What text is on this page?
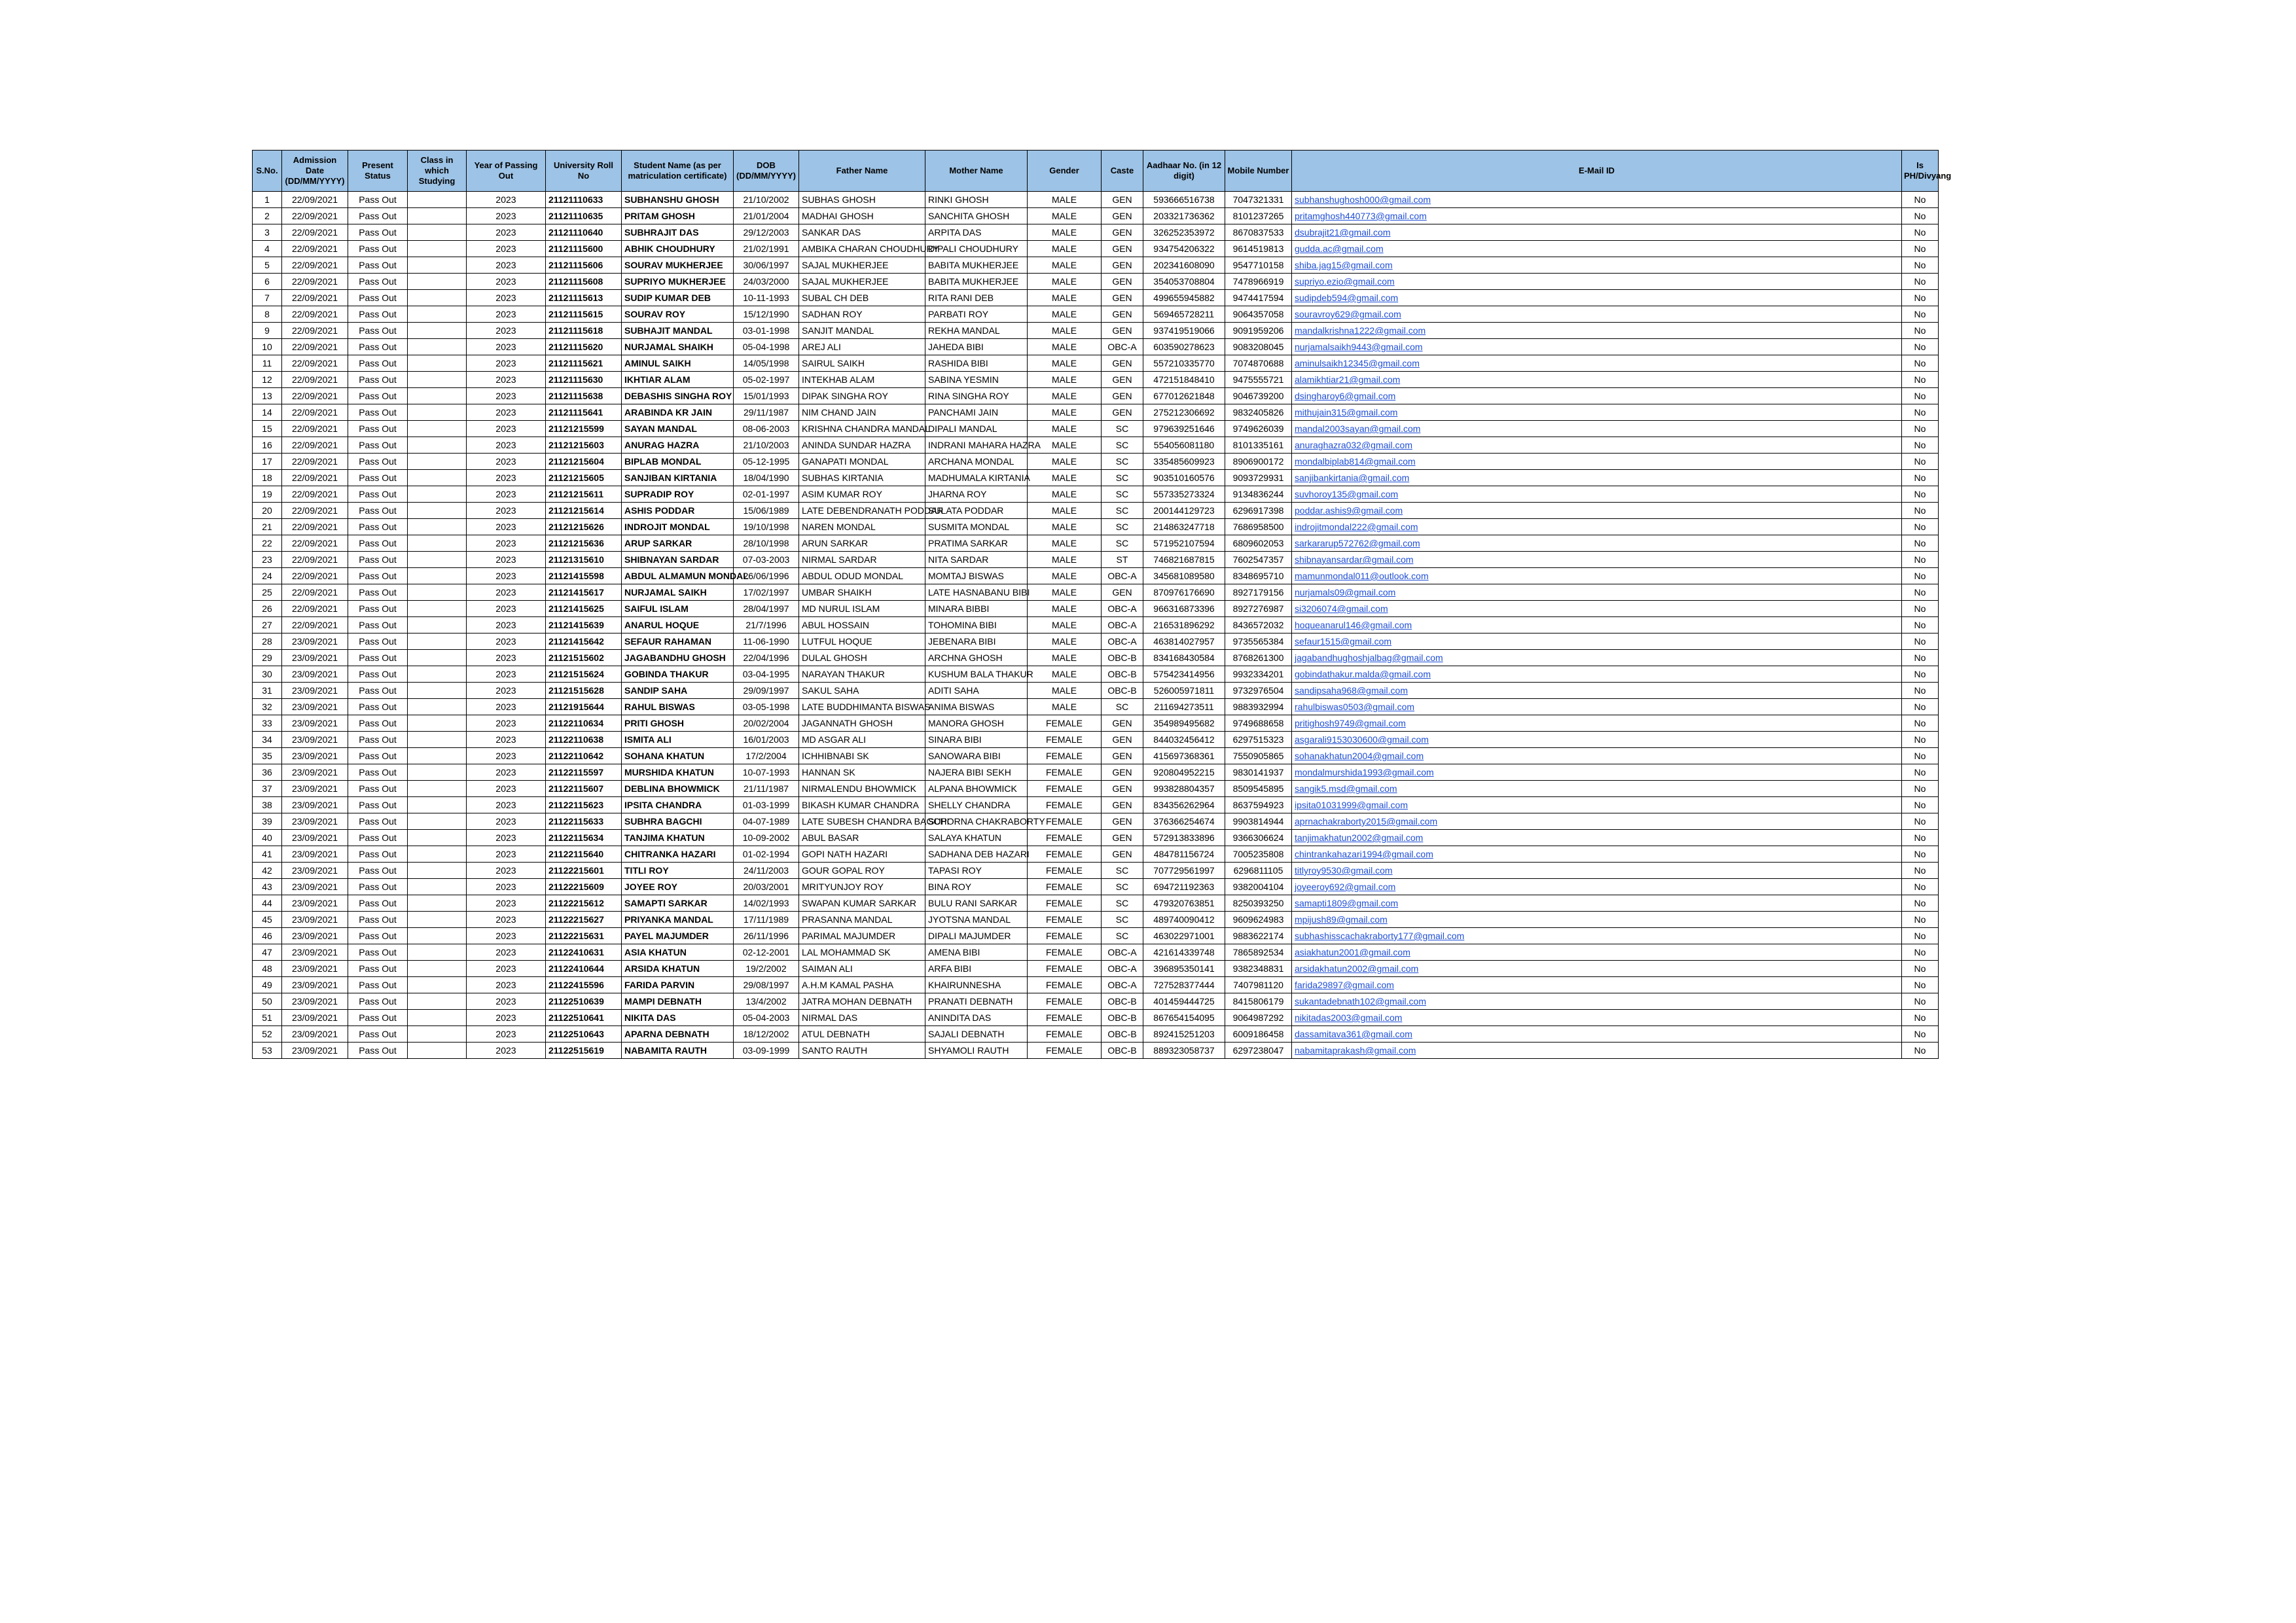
S.No.	Admission Date (DD/MM/YYYY)	Present Status	Class in which Studying	Year of Passing Out	University Roll No	Student Name (as per matriculation certificate)	DOB (DD/MM/YYYY)	Father Name	Mother Name	Gender	Caste	Aadhaar No. (in 12 digit)	Mobile Number	E-Mail ID	Is PH/Divyang
1	22/09/2021	Pass Out		2023	21121110633	SUBHANSHU GHOSH	21/10/2002	SUBHAS GHOSH	RINKI GHOSH	MALE	GEN	593666516738	7047321331	subhanshughosh000@gmail.com	No
2	22/09/2021	Pass Out		2023	21121110635	PRITAM GHOSH	21/01/2004	MADHAI GHOSH	SANCHITA GHOSH	MALE	GEN	203321736362	8101237265	pritamghosh440773@gmail.com	No
3	22/09/2021	Pass Out		2023	21121110640	SUBHRAJIT DAS	29/12/2003	SANKAR DAS	ARPITA DAS	MALE	GEN	326252353972	8670837533	dsubrajit21@gmail.com	No
4	22/09/2021	Pass Out		2023	21121115600	ABHIK CHOUDHURY	21/02/1991	AMBIKA CHARAN CHOUDHURY	DIPALI CHOUDHURY	MALE	GEN	934754206322	9614519813	gudda.ac@gmail.com	No
5	22/09/2021	Pass Out		2023	21121115606	SOURAV MUKHERJEE	30/06/1997	SAJAL MUKHERJEE	BABITA MUKHERJEE	MALE	GEN	202341608090	9547710158	shiba.jag15@gmail.com	No
6	22/09/2021	Pass Out		2023	21121115608	SUPRIYO MUKHERJEE	24/03/2000	SAJAL MUKHERJEE	BABITA MUKHERJEE	MALE	GEN	354053708804	7478966919	supriyo.ezio@gmail.com	No
7	22/09/2021	Pass Out		2023	21121115613	SUDIP KUMAR DEB	10-11-1993	SUBAL CH DEB	RITA RANI DEB	MALE	GEN	499655945882	9474417594	sudipdeb594@gmail.com	No
8	22/09/2021	Pass Out		2023	21121115615	SOURAV ROY	15/12/1990	SADHAN ROY	PARBATI ROY	MALE	GEN	569465728211	9064357058	souravroy629@gmail.com	No
9	22/09/2021	Pass Out		2023	21121115618	SUBHAJIT MANDAL	03-01-1998	SANJIT MANDAL	REKHA MANDAL	MALE	GEN	937419519066	9091959206	mandalkrishna1222@gmail.com	No
10	22/09/2021	Pass Out		2023	21121115620	NURJAMAL SHAIKH	05-04-1998	AREJ ALI	JAHEDA BIBI	MALE	OBC-A	603590278623	9083208045	nurjamalsaikh9443@gmail.com	No
11	22/09/2021	Pass Out		2023	21121115621	AMINUL SAIKH	14/05/1998	SAIRUL SAIKH	RASHIDA BIBI	MALE	GEN	557210335770	7074870688	aminulsaikh12345@gmail.com	No
12	22/09/2021	Pass Out		2023	21121115630	IKHTIAR ALAM	05-02-1997	INTEKHAB ALAM	SABINA YESMIN	MALE	GEN	472151848410	9475555721	alamikhtiar21@gmail.com	No
13	22/09/2021	Pass Out		2023	21121115638	DEBASHIS SINGHA ROY	15/01/1993	DIPAK SINGHA ROY	RINA SINGHA ROY	MALE	GEN	677012621848	9046739200	dsingharoy6@gmail.com	No
14	22/09/2021	Pass Out		2023	21121115641	ARABINDA KR JAIN	29/11/1987	NIM CHAND JAIN	PANCHAMI JAIN	MALE	GEN	275212306692	9832405826	mithujain315@gmail.com	No
15	22/09/2021	Pass Out		2023	21121215599	SAYAN MANDAL	08-06-2003	KRISHNA CHANDRA MANDAL	DIPALI MANDAL	MALE	SC	979639251646	9749626039	mandal2003sayan@gmail.com	No
16	22/09/2021	Pass Out		2023	21121215603	ANURAG HAZRA	21/10/2003	ANINDA SUNDAR HAZRA	INDRANI MAHARA HAZRA	MALE	SC	554056081180	8101335161	anuraghazra032@gmail.com	No
17	22/09/2021	Pass Out		2023	21121215604	BIPLAB MONDAL	05-12-1995	GANAPATI MONDAL	ARCHANA MONDAL	MALE	SC	335485609923	8906900172	mondalbiplab814@gmail.com	No
18	22/09/2021	Pass Out		2023	21121215605	SANJIBAN KIRTANIA	18/04/1990	SUBHAS KIRTANIA	MADHUMALA KIRTANIA	MALE	SC	903510160576	9093729931	sanjibankirtania@gmail.com	No
19	22/09/2021	Pass Out		2023	21121215611	SUPRADIP ROY	02-01-1997	ASIM KUMAR ROY	JHARNA ROY	MALE	SC	557335273324	9134836244	suvhoroy135@gmail.com	No
20	22/09/2021	Pass Out		2023	21121215614	ASHIS PODDAR	15/06/1989	LATE DEBENDRANATH PODDAR	SULATA PODDAR	MALE	SC	200144129723	6296917398	poddar.ashis9@gmail.com	No
21	22/09/2021	Pass Out		2023	21121215626	INDROJIT MONDAL	19/10/1998	NAREN MONDAL	SUSMITA MONDAL	MALE	SC	214863247718	7686958500	indrojitmondal222@gmail.com	No
22	22/09/2021	Pass Out		2023	21121215636	ARUP SARKAR	28/10/1998	ARUN SARKAR	PRATIMA SARKAR	MALE	SC	571952107594	6809602053	sarkararup572762@gmail.com	No
23	22/09/2021	Pass Out		2023	21121315610	SHIBNAYAN SARDAR	07-03-2003	NIRMAL SARDAR	NITA SARDAR	MALE	ST	746821687815	7602547357	shibnayansardar@gmail.com	No
24	22/09/2021	Pass Out		2023	21121415598	ABDUL ALMAMUN MONDAL	26/06/1996	ABDUL ODUD MONDAL	MOMTAJ BISWAS	MALE	OBC-A	345681089580	8348695710	mamunmondal011@outlook.com	No
25	22/09/2021	Pass Out		2023	21121415617	NURJAMAL SAIKH	17/02/1997	UMBAR SHAIKH	LATE HASNABANU BIBI	MALE	GEN	870976176690	8927179156	nurjamals09@gmail.com	No
26	22/09/2021	Pass Out		2023	21121415625	SAIFUL ISLAM	28/04/1997	MD NURUL ISLAM	MINARA BIBBI	MALE	OBC-A	966316873396	8927276987	si3206074@gmail.com	No
27	22/09/2021	Pass Out		2023	21121415639	ANARUL HOQUE	21/7/1996	ABUL HOSSAIN	TOHOMINA BIBI	MALE	OBC-A	216531896292	8436572032	hoqueanarul146@gmail.com	No
28	23/09/2021	Pass Out		2023	21121415642	SEFAUR RAHAMAN	11-06-1990	LUTFUL HOQUE	JEBENARA BIBI	MALE	OBC-A	463814027957	9735565384	sefaur1515@gmail.com	No
29	23/09/2021	Pass Out		2023	21121515602	JAGABANDHU GHOSH	22/04/1996	DULAL GHOSH	ARCHNA GHOSH	MALE	OBC-B	834168430584	8768261300	jagabandhughoshjalbag@gmail.com	No
30	23/09/2021	Pass Out		2023	21121515624	GOBINDA THAKUR	03-04-1995	NARAYAN THAKUR	KUSHUM BALA THAKUR	MALE	OBC-B	575423414956	9932334201	gobindathakur.malda@gmail.com	No
31	23/09/2021	Pass Out		2023	21121515628	SANDIP SAHA	29/09/1997	SAKUL SAHA	ADITI SAHA	MALE	OBC-B	526005971811	9732976504	sandipsaha968@gmail.com	No
32	23/09/2021	Pass Out		2023	21121915644	RAHUL BISWAS	03-05-1998	LATE BUDDHIMANTA BISWAS	ANIMA BISWAS	MALE	SC	211694273511	9883932994	rahulbiswas0503@gmail.com	No
33	23/09/2021	Pass Out		2023	21122110634	PRITI GHOSH	20/02/2004	JAGANNATH GHOSH	MANORA GHOSH	FEMALE	GEN	354989495682	9749688658	pritighosh9749@gmail.com	No
34	23/09/2021	Pass Out		2023	21122110638	ISMITA ALI	16/01/2003	MD ASGAR ALI	SINARA BIBI	FEMALE	GEN	844032456412	6297515323	asgarali9153030600@gmail.com	No
35	23/09/2021	Pass Out		2023	21122110642	SOHANA KHATUN	17/2/2004	ICHHIBNABI SK	SANOWARA BIBI	FEMALE	GEN	415697368361	7550905865	sohanakhatun2004@gmail.com	No
36	23/09/2021	Pass Out		2023	21122115597	MURSHIDA KHATUN	10-07-1993	HANNAN SK	NAJERA BIBI SEKH	FEMALE	GEN	920804952215	9830141937	mondalmurshida1993@gmail.com	No
37	23/09/2021	Pass Out		2023	21122115607	DEBLINA BHOWMICK	21/11/1987	NIRMALENDU BHOWMICK	ALPANA BHOWMICK	FEMALE	GEN	993828804357	8509545895	sangik5.msd@gmail.com	No
38	23/09/2021	Pass Out		2023	21122115623	IPSITA CHANDRA	01-03-1999	BIKASH KUMAR CHANDRA	SHELLY CHANDRA	FEMALE	GEN	834356262964	8637594923	ipsita01031999@gmail.com	No
39	23/09/2021	Pass Out		2023	21122115633	SUBHRA BAGCHI	04-07-1989	LATE SUBESH CHANDRA BAGCHI	SUPORNA CHAKRABORTY	FEMALE	GEN	376366254674	9903814944	aprnachakraborty2015@gmail.com	No
40	23/09/2021	Pass Out		2023	21122115634	TANJIMA KHATUN	10-09-2002	ABUL BASAR	SALAYA KHATUN	FEMALE	GEN	572913833896	9366306624	tanjimakhatun2002@gmail.com	No
41	23/09/2021	Pass Out		2023	21122115640	CHITRANKA HAZARI	01-02-1994	GOPI NATH HAZARI	SADHANA DEB HAZARI	FEMALE	GEN	484781156724	7005235808	chintrankahazari1994@gmail.com	No
42	23/09/2021	Pass Out		2023	21122215601	TITLI ROY	24/11/2003	GOUR GOPAL ROY	TAPASI ROY	FEMALE	SC	707729561997	6296811105	titlyroy9530@gmail.com	No
43	23/09/2021	Pass Out		2023	21122215609	JOYEE ROY	20/03/2001	MRITYUNJOY ROY	BINA ROY	FEMALE	SC	694721192363	9382004104	joyeeroy692@gmail.com	No
44	23/09/2021	Pass Out		2023	21122215612	SAMAPTI SARKAR	14/02/1993	SWAPAN KUMAR SARKAR	BULU RANI SARKAR	FEMALE	SC	479320763851	8250393250	samapti1809@gmail.com	No
45	23/09/2021	Pass Out		2023	21122215627	PRIYANKA MANDAL	17/11/1989	PRASANNA MANDAL	JYOTSNA MANDAL	FEMALE	SC	489740090412	9609624983	mpijush89@gmail.com	No
46	23/09/2021	Pass Out		2023	21122215631	PAYEL MAJUMDER	26/11/1996	PARIMAL MAJUMDER	DIPALI MAJUMDER	FEMALE	SC	463022971001	9883622174	subhashisscachakraborty177@gmail.com	No
47	23/09/2021	Pass Out		2023	21122410631	ASIA KHATUN	02-12-2001	LAL MOHAMMAD SK	AMENA BIBI	FEMALE	OBC-A	421614339748	7865892534	asiakhatun2001@gmail.com	No
48	23/09/2021	Pass Out		2023	21122410644	ARSIDA KHATUN	19/2/2002	SAIMAN ALI	ARFA BIBI	FEMALE	OBC-A	396895350141	9382348831	arsidakhatun2002@gmail.com	No
49	23/09/2021	Pass Out		2023	21122415596	FARIDA PARVIN	29/08/1997	A.H.M KAMAL PASHA	KHAIRUNNESHA	FEMALE	OBC-A	727528377444	7407981120	farida29897@gmail.com	No
50	23/09/2021	Pass Out		2023	21122510639	MAMPI DEBNATH	13/4/2002	JATRA MOHAN DEBNATH	PRANATI DEBNATH	FEMALE	OBC-B	401459444725	8415806179	sukantadebnath102@gmail.com	No
51	23/09/2021	Pass Out		2023	21122510641	NIKITA DAS	05-04-2003	NIRMAL DAS	ANINDITA DAS	FEMALE	OBC-B	867654154095	9064987292	nikitadas2003@gmail.com	No
52	23/09/2021	Pass Out		2023	21122510643	APARNA DEBNATH	18/12/2002	ATUL DEBNATH	SAJALI DEBNATH	FEMALE	OBC-B	892415251203	6009186458	dassamitava361@gmail.com	No
53	23/09/2021	Pass Out		2023	21122515619	NABAMITA RAUTH	03-09-1999	SANTO RAUTH	SHYAMOLI RAUTH	FEMALE	OBC-B	889323058737	6297238047	nabamitaprakash@gmail.com	No
